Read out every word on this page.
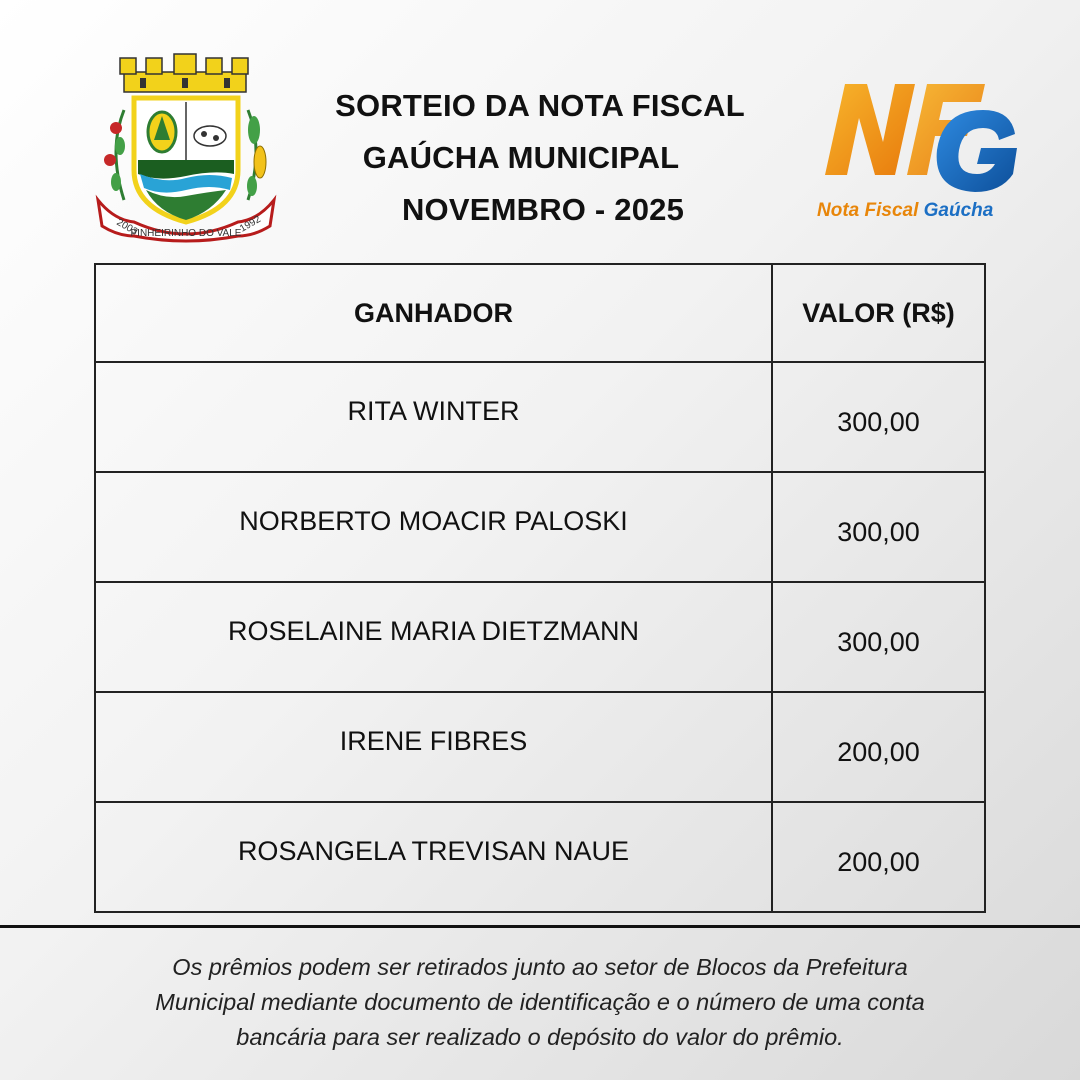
2003
PINHEIRINHO DO VALE
1992
SORTEIO DA NOTA FISCAL
GAÚCHA MUNICIPAL
NOVEMBRO - 2025	Nota Fiscal Gaúcha
GANHADOR	VALOR (R$)
RITA WINTER	300,00
NORBERTO MOACIR PALOSKI	300,00
ROSELAINE MARIA DIETZMANN	300,00
IRENE FIBRES	200,00
ROSANGELA TREVISAN NAUE	200,00
Os prêmios podem ser retirados junto ao setor de Blocos da Prefeitura
Municipal mediante documento de identificação e o número de uma conta
bancária para ser realizado o depósito do valor do prêmio.
